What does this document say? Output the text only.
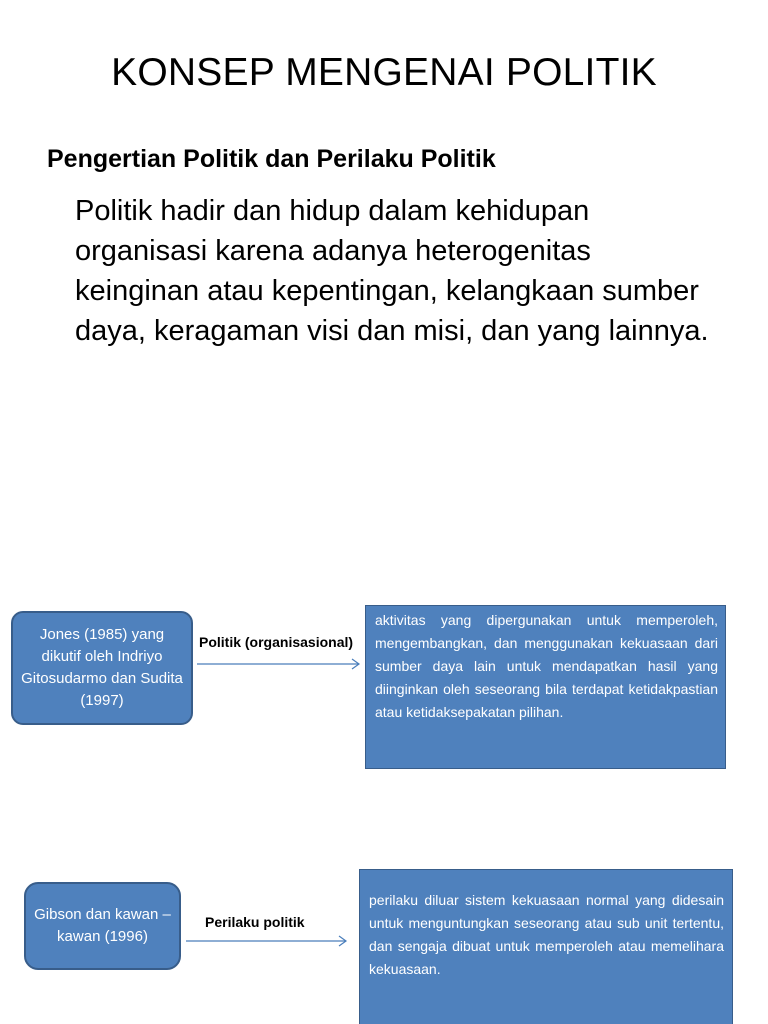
KONSEP MENGENAI POLITIK
Pengertian Politik dan Perilaku Politik
Politik hadir dan hidup dalam kehidupan organisasi karena adanya heterogenitas keinginan atau kepentingan, kelangkaan sumber daya, keragaman visi dan misi, dan yang lainnya.
Jones (1985) yang dikutif oleh Indriyo Gitosudarmo dan Sudita (1997)
Politik (organisasional)
aktivitas yang dipergunakan untuk memperoleh, mengembangkan, dan menggunakan kekuasaan dari sumber daya lain untuk mendapatkan hasil yang diinginkan oleh seseorang bila terdapat ketidakpastian atau ketidaksepakatan pilihan.
Gibson dan kawan – kawan (1996)
Perilaku politik
perilaku diluar sistem kekuasaan normal yang didesain untuk menguntungkan seseorang atau sub unit tertentu, dan sengaja dibuat untuk memperoleh atau memelihara kekuasaan.
